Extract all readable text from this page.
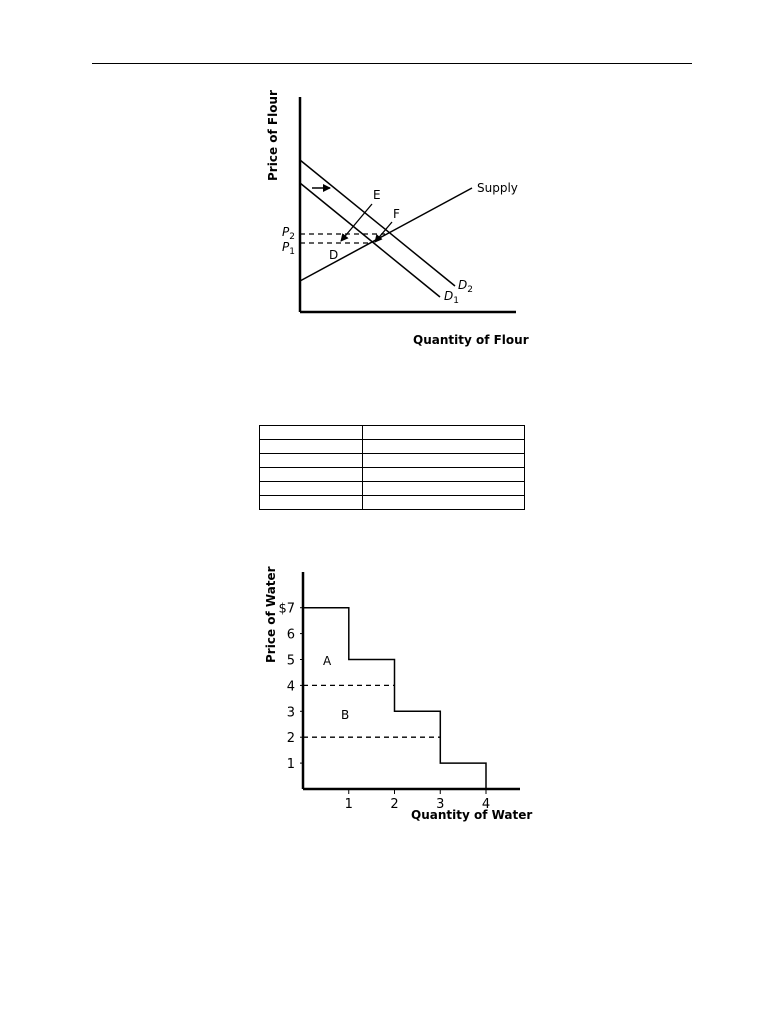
Price of Flour
Quantity of Flour
Supply
$P_2$
$P_1$
$D_2$
$D_1$
E
F
D

$7
6
5
4
3
2
1
1	2	3	4
Price of Water
Quantity of Water
A
B
